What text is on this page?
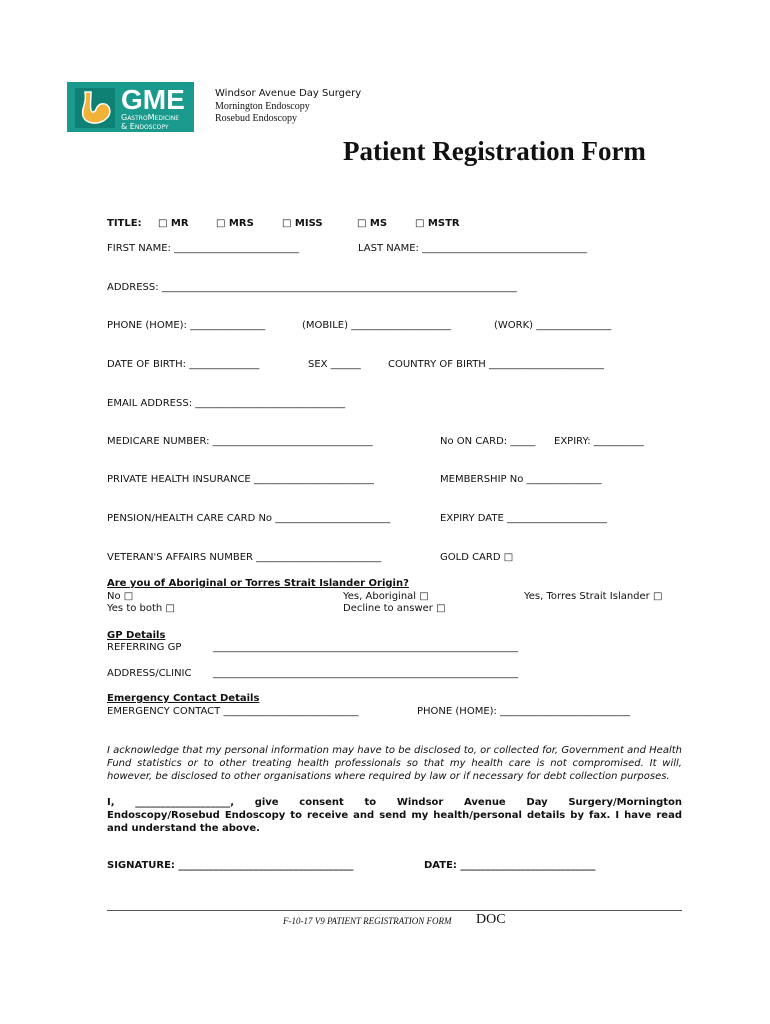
GME
GastroMedicine
& Endoscopy
Windsor Avenue Day Surgery
Mornington Endoscopy
Rosebud Endoscopy
Patient Registration Form
TITLE: □ MR	□ MRS	□ MISS	□ MS	□ MSTR
FIRST NAME: _________________________	LAST NAME: _________________________________
ADDRESS: _______________________________________________________________________
PHONE (HOME): _______________	(MOBILE) ____________________	(WORK) _______________
DATE OF BIRTH: ______________	SEX ______	COUNTRY OF BIRTH _______________________
EMAIL ADDRESS: ______________________________
MEDICARE NUMBER: ________________________________	No ON CARD: _____ EXPIRY: __________
PRIVATE HEALTH INSURANCE ________________________	MEMBERSHIP No _______________
PENSION/HEALTH CARE CARD No _______________________	EXPIRY DATE ____________________
VETERAN'S AFFAIRS NUMBER _________________________	GOLD CARD □
Are you of Aboriginal or Torres Strait Islander Origin?
No □	Yes, Aboriginal □	Yes, Torres Strait Islander □
Yes to both □	Decline to answer □
GP Details
REFERRING GP	_____________________________________________________________
ADDRESS/CLINIC _____________________________________________________________
Emergency Contact Details
EMERGENCY CONTACT ___________________________	PHONE (HOME): __________________________
I acknowledge that my personal information may have to be disclosed to, or collected for, Government and Health Fund statistics or to other treating health professionals so that my health care is not compromised. It will, however, be disclosed to other organisations where required by law or if necessary for debt collection purposes.
I, ___________________, give consent to Windsor Avenue Day Surgery/Mornington
Endoscopy/Rosebud Endoscopy to receive and send my health/personal details by fax. I have read and understand the above.
SIGNATURE: ___________________________________	DATE: ___________________________
F-10-17 V9 PATIENT REGISTRATION FORM DOC
